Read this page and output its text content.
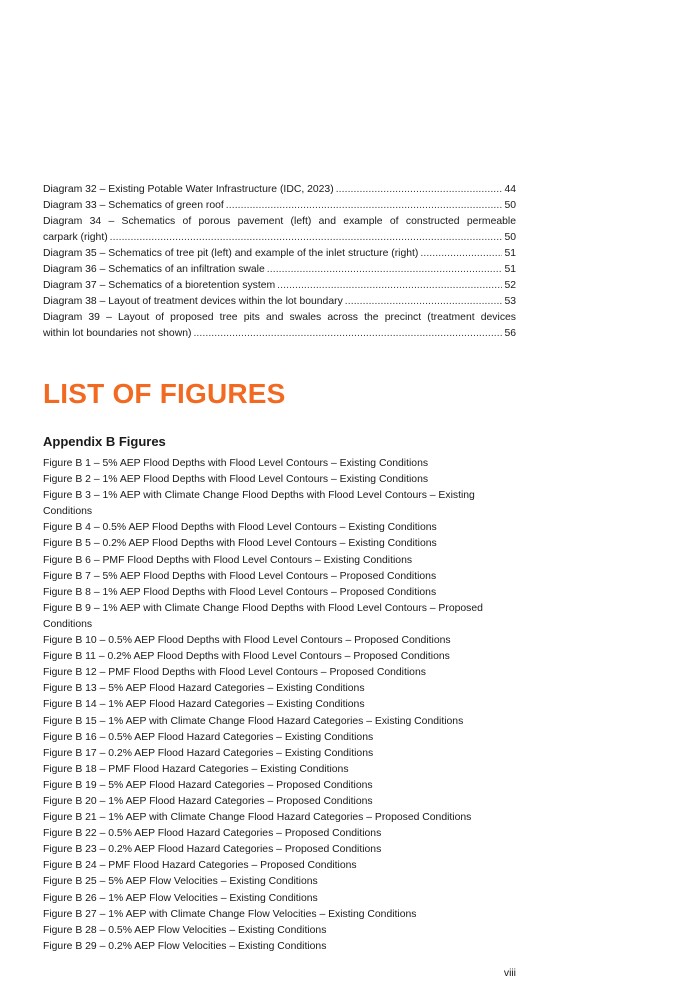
Diagram 32 – Existing Potable Water Infrastructure (IDC, 2023) . . .	44
Diagram 33 – Schematics of green roof . . .	50
Diagram 34 – Schematics of porous pavement (left) and example of constructed permeable
carpark (right) . . .	50
Diagram 35 – Schematics of tree pit (left) and example of the inlet structure (right) . . .	51
Diagram 36 – Schematics of an infiltration swale . . .	51
Diagram 37 – Schematics of a bioretention system . . .	52
Diagram 38 – Layout of treatment devices within the lot boundary . . .	53
Diagram 39 – Layout of proposed tree pits and swales across the precinct (treatment devices
within lot boundaries not shown) . . .	56
LIST OF FIGURES
Appendix B Figures
Figure B 1 – 5% AEP Flood Depths with Flood Level Contours – Existing Conditions
Figure B 2 – 1% AEP Flood Depths with Flood Level Contours – Existing Conditions
Figure B 3 – 1% AEP with Climate Change Flood Depths with Flood Level Contours – Existing
Conditions
Figure B 4 – 0.5% AEP Flood Depths with Flood Level Contours – Existing Conditions
Figure B 5 – 0.2% AEP Flood Depths with Flood Level Contours – Existing Conditions
Figure B 6 – PMF Flood Depths with Flood Level Contours – Existing Conditions
Figure B 7 – 5% AEP Flood Depths with Flood Level Contours – Proposed Conditions
Figure B 8 – 1% AEP Flood Depths with Flood Level Contours – Proposed Conditions
Figure B 9 – 1% AEP with Climate Change Flood Depths with Flood Level Contours – Proposed
Conditions
Figure B 10 – 0.5% AEP Flood Depths with Flood Level Contours – Proposed Conditions
Figure B 11 – 0.2% AEP Flood Depths with Flood Level Contours – Proposed Conditions
Figure B 12 – PMF Flood Depths with Flood Level Contours – Proposed Conditions
Figure B 13 – 5% AEP Flood Hazard Categories – Existing Conditions
Figure B 14 – 1% AEP Flood Hazard Categories – Existing Conditions
Figure B 15 – 1% AEP with Climate Change Flood Hazard Categories – Existing Conditions
Figure B 16 – 0.5% AEP Flood Hazard Categories – Existing Conditions
Figure B 17 – 0.2% AEP Flood Hazard Categories – Existing Conditions
Figure B 18 – PMF Flood Hazard Categories – Existing Conditions
Figure B 19 – 5% AEP Flood Hazard Categories – Proposed Conditions
Figure B 20 – 1% AEP Flood Hazard Categories – Proposed Conditions
Figure B 21 – 1% AEP with Climate Change Flood Hazard Categories – Proposed Conditions
Figure B 22 – 0.5% AEP Flood Hazard Categories – Proposed Conditions
Figure B 23 – 0.2% AEP Flood Hazard Categories – Proposed Conditions
Figure B 24 – PMF Flood Hazard Categories – Proposed Conditions
Figure B 25 – 5% AEP Flow Velocities – Existing Conditions
Figure B 26 – 1% AEP Flow Velocities – Existing Conditions
Figure B 27 – 1% AEP with Climate Change Flow Velocities – Existing Conditions
Figure B 28 – 0.5% AEP Flow Velocities – Existing Conditions
Figure B 29 – 0.2% AEP Flow Velocities – Existing Conditions
viii
